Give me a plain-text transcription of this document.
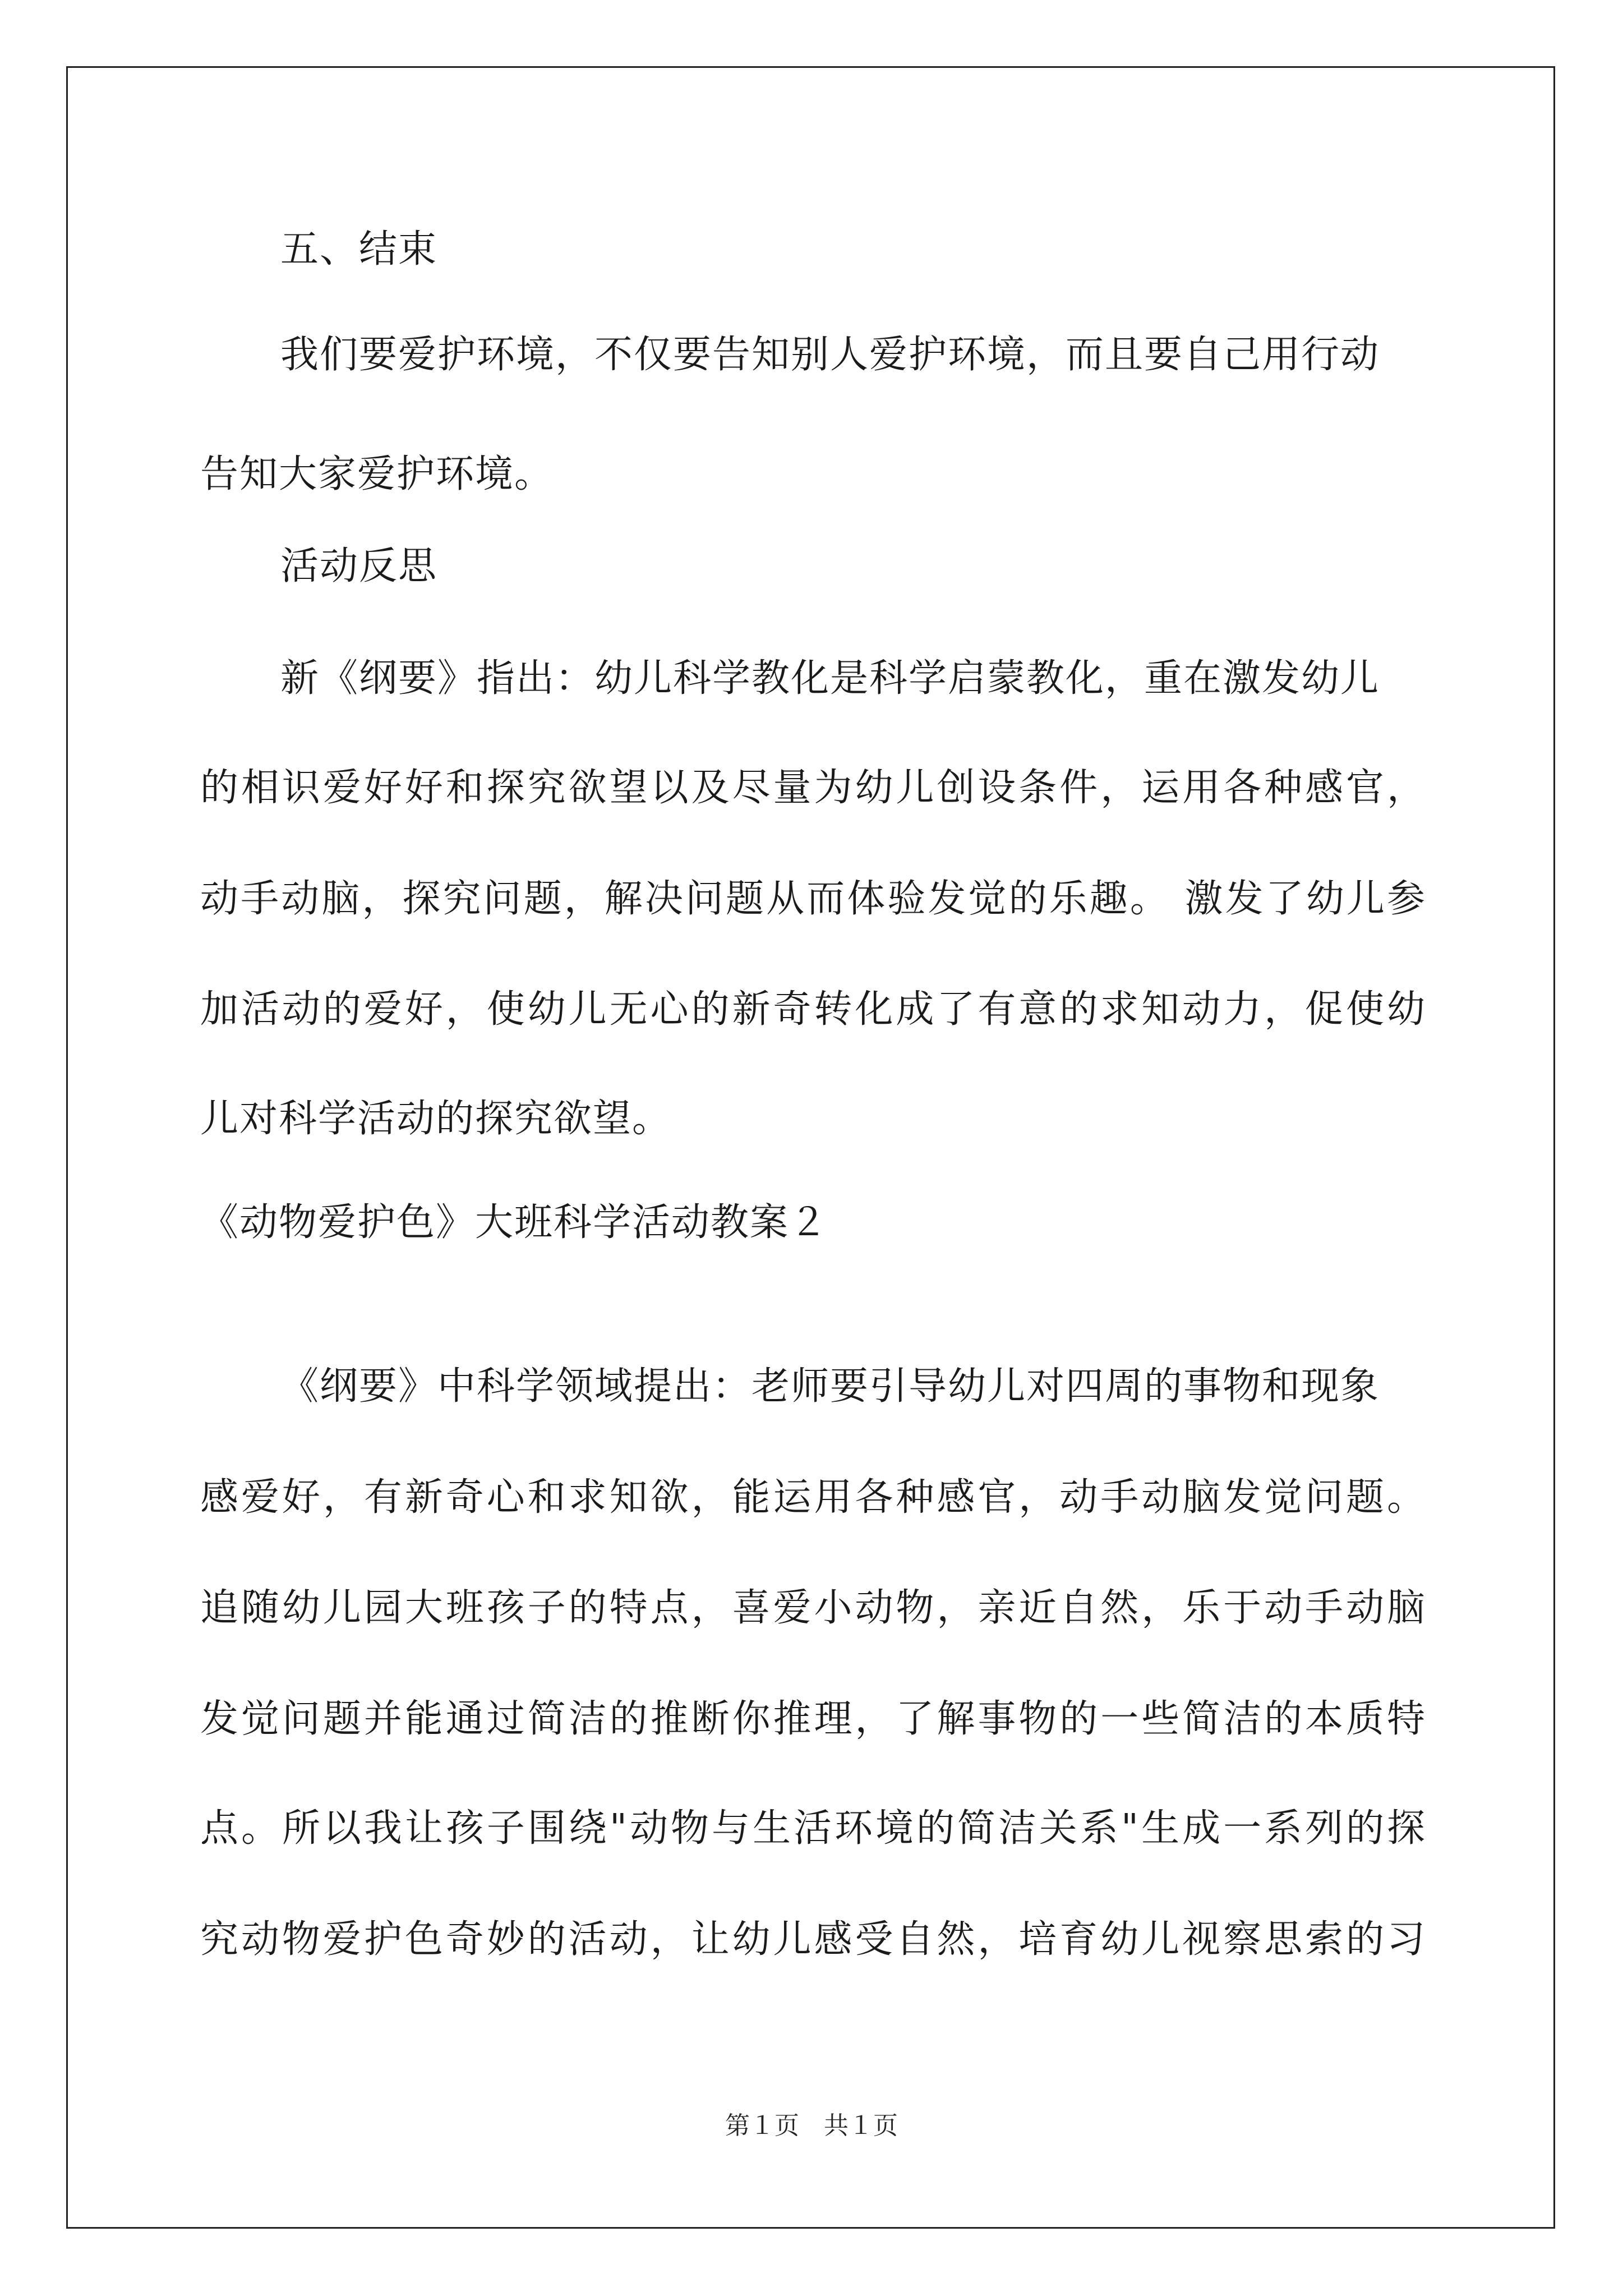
五、结束
我们要爱护环境，不仅要告知别人爱护环境，而且要自己用行动
告知大家爱护环境。
活动反思
新《纲要》指出：幼儿科学教化是科学启蒙教化，重在激发幼儿
的相识爱好好和探究欲望以及尽量为幼儿创设条件，运用各种感官，
动手动脑，探究问题，解决问题从而体验发觉的乐趣。 激发了幼儿参
加活动的爱好，使幼儿无心的新奇转化成了有意的求知动力，促使幼
儿对科学活动的探究欲望。
《动物爱护色》大班科学活动教案２
《纲要》中科学领域提出：老师要引导幼儿对四周的事物和现象
感爱好，有新奇心和求知欲，能运用各种感官，动手动脑发觉问题。
追随幼儿园大班孩子的特点，喜爱小动物，亲近自然，乐于动手动脑
发觉问题并能通过简洁的推断你推理，了解事物的一些简洁的本质特
点。所以我让孩子围绕"动物与生活环境的简洁关系"生成一系列的探
究动物爱护色奇妙的活动，让幼儿感受自然，培育幼儿视察思索的习
第１页　共１页
